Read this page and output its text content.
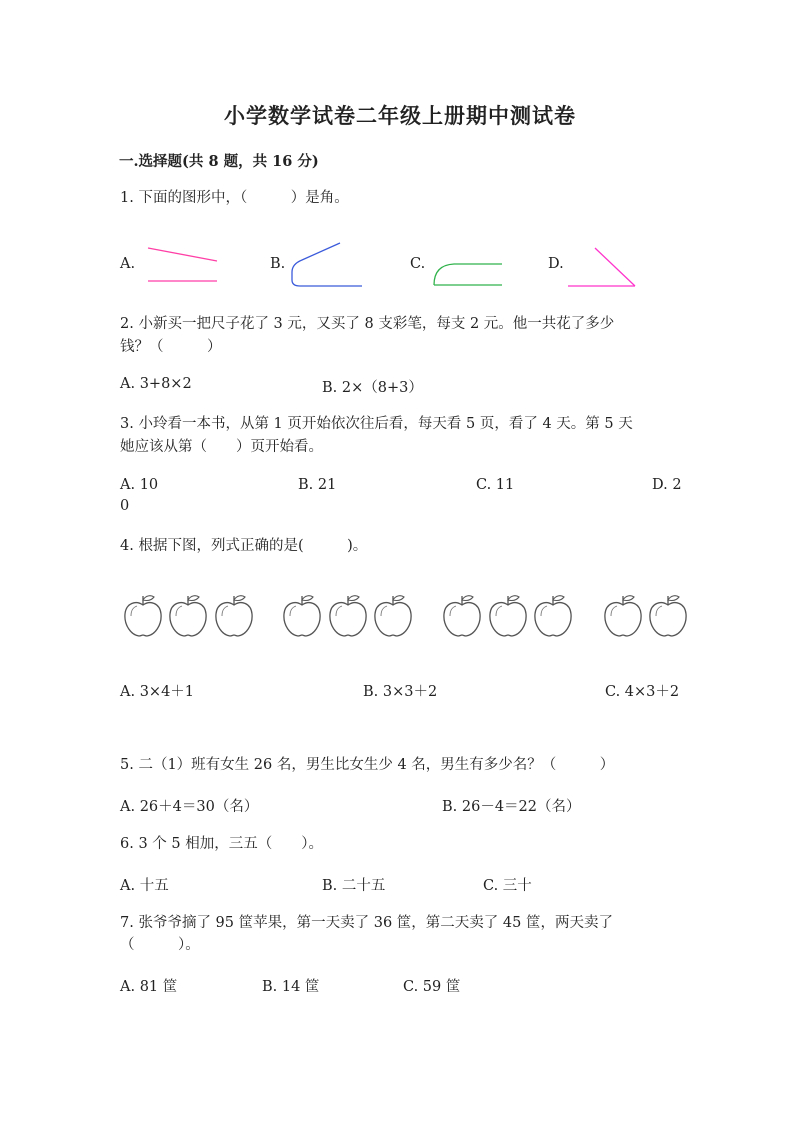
小学数学试卷二年级上册期中测试卷
一.选择题(共 8 题，共 16 分)
1. 下面的图形中，（　　　）是角。
A.	B.	C.	D.
2. 小新买一把尺子花了 3 元，又买了 8 支彩笔，每支 2 元。他一共花了多少
钱？（　　　）
A. 3+8×2	B. 2×（8+3）
3. 小玲看一本书，从第 1 页开始依次往后看，每天看 5 页，看了 4 天。第 5 天
她应该从第（　　）页开始看。
A. 10	B. 21	C. 11	D. 2
0
4. 根据下图，列式正确的是(　　　)。
A. 3×4＋1	B. 3×3＋2	C. 4×3＋2
5. 二（1）班有女生 26 名，男生比女生少 4 名，男生有多少名？（　　　）
A. 26＋4＝30（名）	B. 26－4＝22（名）
6. 3 个 5 相加，三五（　　）。
A. 十五	B. 二十五	C. 三十
7. 张爷爷摘了 95 筐苹果，第一天卖了 36 筐，第二天卖了 45 筐，两天卖了
（　　　）。
A. 81 筐	B. 14 筐	C. 59 筐
